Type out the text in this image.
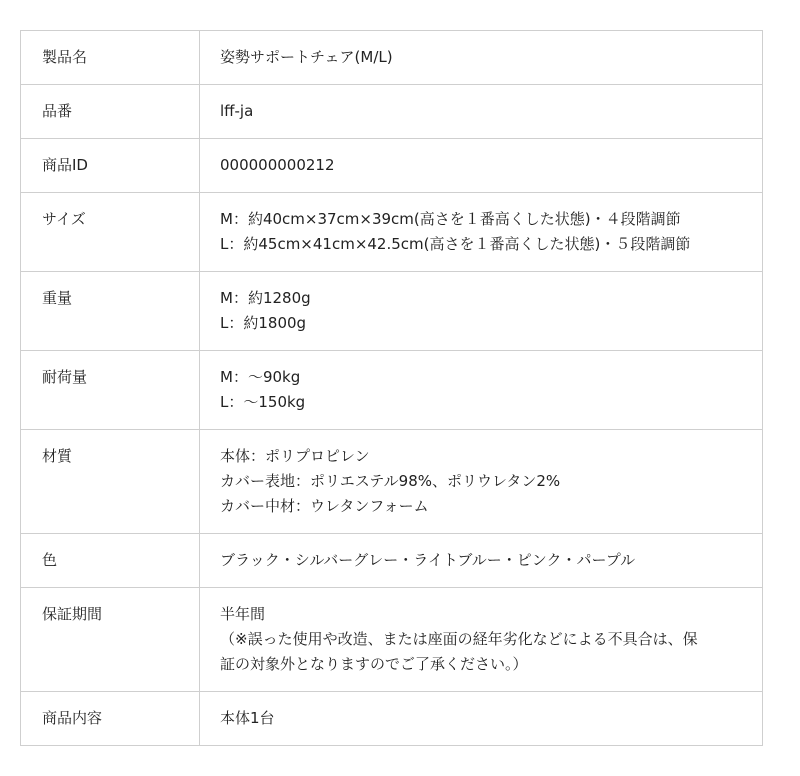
製品名	姿勢サポートチェア(M/L)

品番	lff-ja

商品ID	000000000212

サイズ	M：約40cm×37cm×39cm(高さを１番高くした状態)・４段階調節
L：約45cm×41cm×42.5cm(高さを１番高くした状態)・５段階調節

重量	M：約1280g
L：約1800g

耐荷量	M：～90kg
L：～150kg

材質	本体：ポリプロピレン
カバー表地：ポリエステル98%、ポリウレタン2%
カバー中材：ウレタンフォーム

色	ブラック・シルバーグレー・ライトブルー・ピンク・パープル

保証期間	半年間
（※誤った使用や改造、または座面の経年劣化などによる不具合は、保
証の対象外となりますのでご了承ください。）

商品内容	本体1台
